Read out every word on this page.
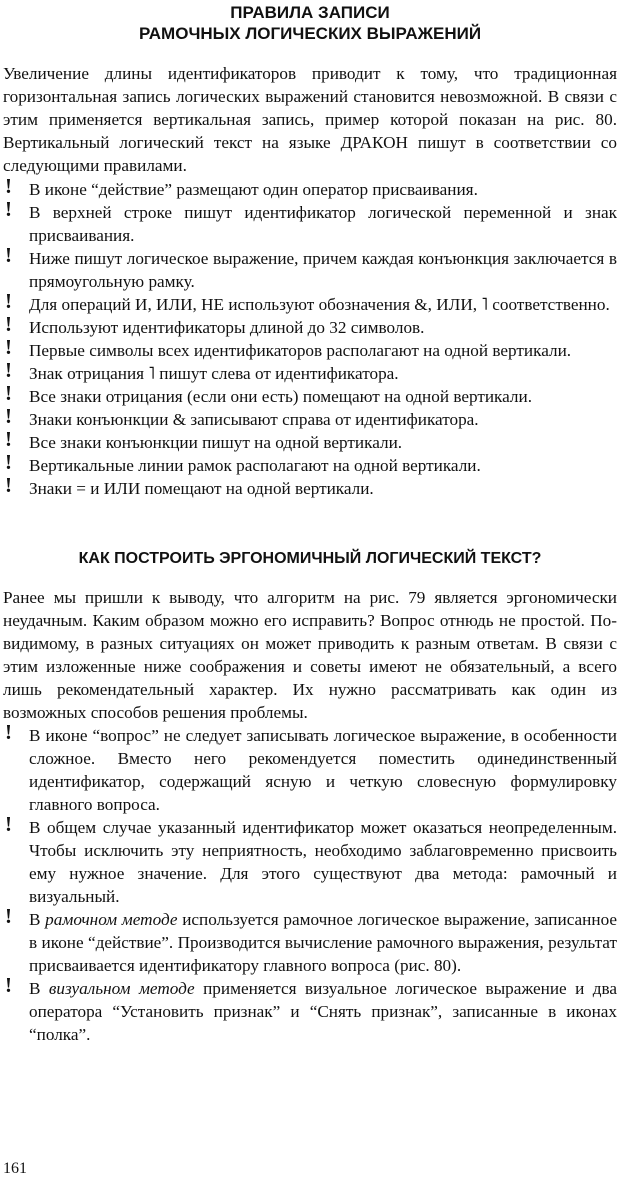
ПРАВИЛА ЗАПИСИ
РАМОЧНЫХ ЛОГИЧЕСКИХ ВЫРАЖЕНИЙ

Увеличение длины идентификаторов приводит к тому, что традиционная горизонтальная запись логических выражений становится невозможной. В связи с этим применяется вертикальная запись, пример которой показан на рис. 80. Вертикальный логический текст на языке ДРАКОН пишут в соответствии со следующими правилами.

! В иконе “действие” размещают один оператор присваивания.
! В верхней строке пишут идентификатор логической переменной и знак присваивания.
! Ниже пишут логическое выражение, причем каждая конъюнкция заключается в прямоугольную рамку.
! Для операций И, ИЛИ, НЕ используют обозначения &, ИЛИ, ˥ соответственно.
! Используют идентификаторы длиной до 32 символов.
! Первые символы всех идентификаторов располагают на одной вертикали.
! Знак отрицания ˥ пишут слева от идентификатора.
! Все знаки отрицания (если они есть) помещают на одной вертикали.
! Знаки конъюнкции & записывают справа от идентификатора.
! Все знаки конъюнкции пишут на одной вертикали.
! Вертикальные линии рамок располагают на одной вертикали.
! Знаки = и ИЛИ помещают на одной вертикали.
КАК ПОСТРОИТЬ ЭРГОНОМИЧНЫЙ ЛОГИЧЕСКИЙ ТЕКСТ?

Ранее мы пришли к выводу, что алгоритм на рис. 79 является эргономически неудачным. Каким образом можно его исправить? Вопрос отнюдь не простой. По-видимому, в разных ситуациях он может приводить к разным ответам. В связи с этим изложенные ниже соображения и советы имеют не обязательный, а всего лишь рекомендательный характер. Их нужно рассматривать как один из возможных способов решения проблемы.

! В иконе “вопрос” не следует записывать логическое выражение, в особенности сложное. Вместо него рекомендуется поместить одинединственный идентификатор, содержащий ясную и четкую словесную формулировку главного вопроса.
! В общем случае указанный идентификатор может оказаться неопределенным. Чтобы исключить эту неприятность, необходимо заблаговременно присвоить ему нужное значение. Для этого существуют два метода: рамочный и визуальный.
! В рамочном методе используется рамочное логическое выражение, записанное в иконе “действие”. Производится вычисление рамочного выражения, результат присваивается идентификатору главного вопроса (рис. 80).
! В визуальном методе применяется визуальное логическое выражение и два оператора “Установить признак” и “Снять признак”, записанные в иконах “полка”.
161
